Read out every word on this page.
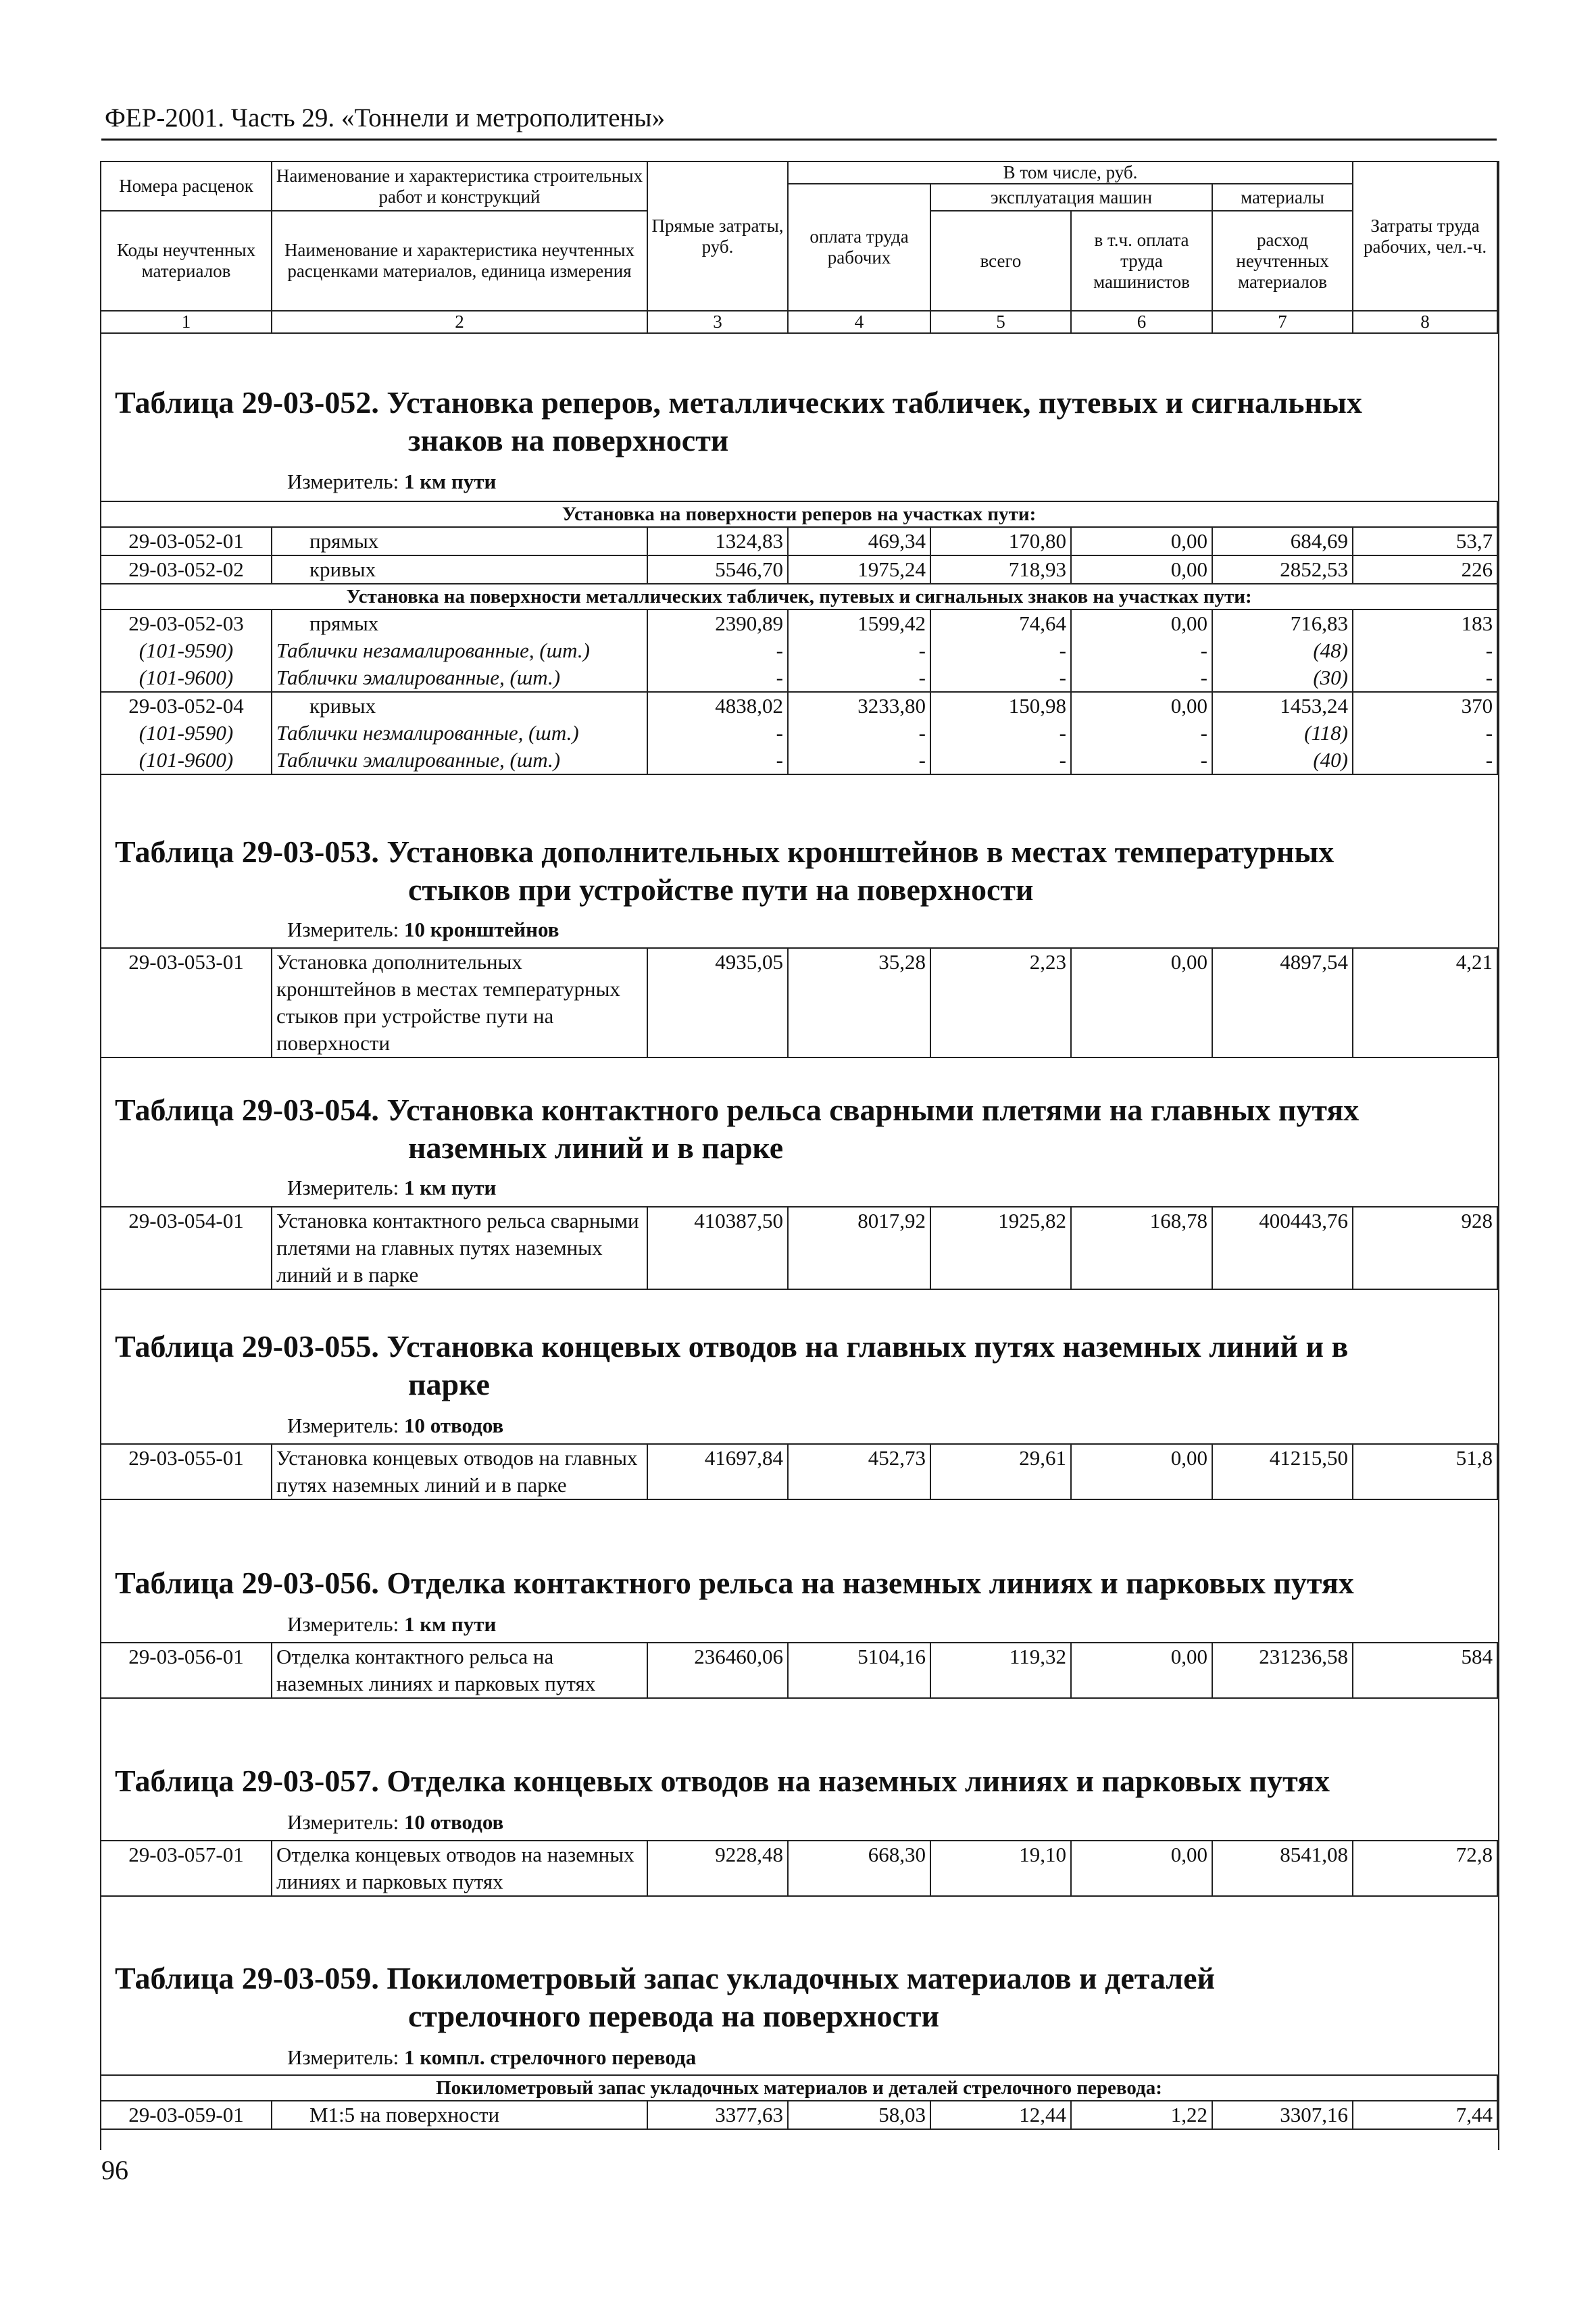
ФЕР-2001. Часть 29. «Тоннели и метрополитены»
Номера расценок	Наименование и характеристика строительных работ и конструкций	Прямые затраты, руб.	В том числе, руб.				Затраты труда рабочих, чел.-ч.
			оплата труда рабочих	эксплуатация машин		материалы	
Коды неучтенных материалов	Наименование и характеристика неучтенных расценками материалов, единица измерения			всего	в т.ч. оплата труда машинистов	расход неучтенных материалов	

1	2	3	4	5	6	7	8
Таблица 29-03-052. Установка реперов, металлических табличек, путевых и сигнальных
знаков на поверхности
Измеритель: 1 км пути
Установка на поверхности реперов на участках пути:							
29-03-052-01	прямых	1324,83	469,34	170,80	0,00	684,69	53,7
29-03-052-02	кривых	5546,70	1975,24	718,93	0,00	2852,53	226
Установка на поверхности металлических табличек, путевых и сигнальных знаков на участках пути:							
29-03-052-03	прямых	2390,89	1599,42	74,64	0,00	716,83	183
(101-9590)	Таблички незамалированные, (шт.)	-	-	-	-	(48)	-
(101-9600)	Таблички эмалированные, (шт.)	-	-	-	-	(30)	-
29-03-052-04	кривых	4838,02	3233,80	150,98	0,00	1453,24	370
(101-9590)	Таблички незмалированные, (шт.)	-	-	-	-	(118)	-
(101-9600)	Таблички эмалированные, (шт.)	-	-	-	-	(40)	-
Таблица 29-03-053. Установка дополнительных кронштейнов в местах температурных
стыков при устройстве пути на поверхности
Измеритель: 10 кронштейнов
29-03-053-01	Установка дополнительных кронштейнов в местах температурных стыков при устройстве пути на поверхности	4935,05	35,28	2,23	0,00	4897,54	4,21
Таблица 29-03-054. Установка контактного рельса сварными плетями на главных путях
наземных линий и в парке
Измеритель: 1 км пути
29-03-054-01	Установка контактного рельса сварными плетями на главных путях наземных линий и в парке	410387,50	8017,92	1925,82	168,78	400443,76	928
Таблица 29-03-055. Установка концевых отводов на главных путях наземных линий и в
парке
Измеритель: 10 отводов
29-03-055-01	Установка концевых отводов на главных путях наземных линий и в парке	41697,84	452,73	29,61	0,00	41215,50	51,8
Таблица 29-03-056. Отделка контактного рельса на наземных линиях и парковых путях
Измеритель: 1 км пути
29-03-056-01	Отделка контактного рельса на наземных линиях и парковых путях	236460,06	5104,16	119,32	0,00	231236,58	584
Таблица 29-03-057. Отделка концевых отводов на наземных линиях и парковых путях
Измеритель: 10 отводов
29-03-057-01	Отделка концевых отводов на наземных линиях и парковых путях	9228,48	668,30	19,10	0,00	8541,08	72,8
Таблица 29-03-059. Покилометровый запас укладочных материалов и деталей
стрелочного перевода на поверхности
Измеритель: 1 компл. стрелочного перевода
Покилометровый запас укладочных материалов и деталей стрелочного перевода:
29-03-059-01	М1:5 на поверхности	3377,63	58,03	12,44	1,22	3307,16	7,44
96
